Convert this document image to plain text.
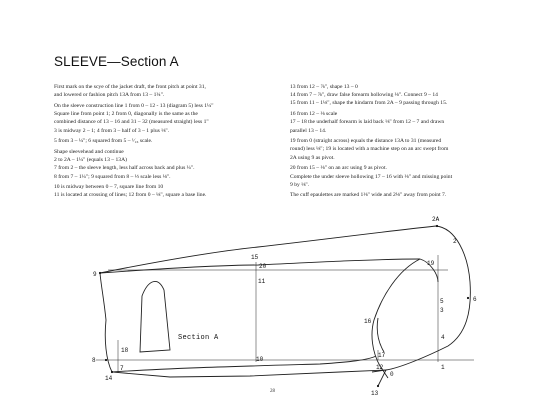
SLEEVE—Section A

First mark on the scye of the jacket draft, the front pitch at point 31,

and lowered or fashion pitch 13A from 13 – 1¼".

On the sleeve construction line 1 from 0 – 12 - 13 (diagram 5) less 1¼"

Square line from point 1; 2 from 0, diagonally is the same as the

combined distance of 13 – 16 and 31 – 32 (measured straight) less 1"

3 is midway 2 – 1; 4 from 3 – half of 3 – 1 plus ⅛".

5 from 3 – ¼"; 6 squared from 5 – ¹⁄₁₆ scale.

Shape sleevehead and continue

2 to 2A – 1¼" (equals 13 – 13A)

7 from 2 – the sleeve length, less half across back and plus ¼".

8 from 7 – 1¼"; 9 squared from 8 – ⅓ scale less ⅛".

10 is midway between 0 – 7, square line from 10

11 is located at crossing of lines; 12 from 0 – ⅛", square a base line.

13 from 12 – ⅞", shape 13 – 0

14 from 7 – ⅞", draw false forearm hollowing ⅛". Connect 9 – 14

15 from 11 – 1⅛", shape the hindarm from 2A – 9 passing through 15.

16 from 12 – ⅛ scale

17 – 18 the underhalf forearm is laid back ⅛" from 12 – 7 and drawn

parallel 13 – 14.

19 from 0 (straight across) equals the distance 13A to 31 (measured

round) less ⅛"; 19 is located with a machine step on an arc swept from

2A using 9 as pivot.

20 from 15 – ⅛" on an arc using 9 as pivot.

Complete the under sleeve hollowing 17 – 16 with ⅛" and missing point

9 by ⅛".

The cuff epaulettes are marked 1⅛" wide and 2⅛" away from point 7.

2A
2
15
20
11
19
9
5
3
6
16
4
17
1
12
0
13
10
18
8
7
14
Section A
28
